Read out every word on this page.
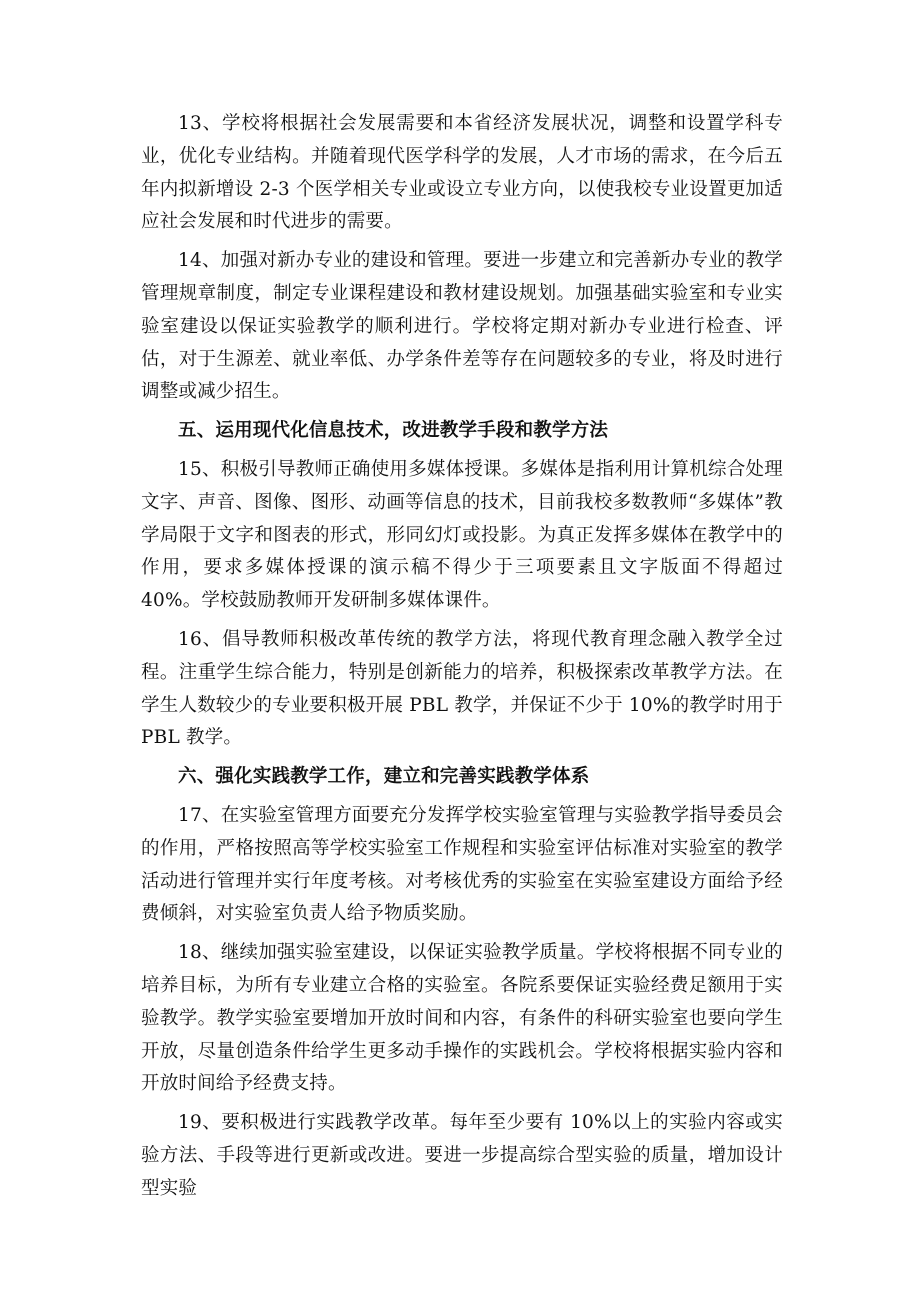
13、学校将根据社会发展需要和本省经济发展状况，调整和设置学科专业，优化专业结构。并随着现代医学科学的发展，人才市场的需求，在今后五年内拟新增设 2-3 个医学相关专业或设立专业方向，以使我校专业设置更加适应社会发展和时代进步的需要。

14、加强对新办专业的建设和管理。要进一步建立和完善新办专业的教学管理规章制度，制定专业课程建设和教材建设规划。加强基础实验室和专业实验室建设以保证实验教学的顺利进行。学校将定期对新办专业进行检查、评估，对于生源差、就业率低、办学条件差等存在问题较多的专业，将及时进行调整或减少招生。

五、运用现代化信息技术，改进教学手段和教学方法

15、积极引导教师正确使用多媒体授课。多媒体是指利用计算机综合处理文字、声音、图像、图形、动画等信息的技术，目前我校多数教师“多媒体”教学局限于文字和图表的形式，形同幻灯或投影。为真正发挥多媒体在教学中的作用，要求多媒体授课的演示稿不得少于三项要素且文字版面不得超过 40%。学校鼓励教师开发研制多媒体课件。

16、倡导教师积极改革传统的教学方法，将现代教育理念融入教学全过程。注重学生综合能力，特别是创新能力的培养，积极探索改革教学方法。在学生人数较少的专业要积极开展 PBL 教学，并保证不少于 10%的教学时用于 PBL 教学。

六、强化实践教学工作，建立和完善实践教学体系

17、在实验室管理方面要充分发挥学校实验室管理与实验教学指导委员会的作用，严格按照高等学校实验室工作规程和实验室评估标准对实验室的教学活动进行管理并实行年度考核。对考核优秀的实验室在实验室建设方面给予经费倾斜，对实验室负责人给予物质奖励。

18、继续加强实验室建设，以保证实验教学质量。学校将根据不同专业的培养目标，为所有专业建立合格的实验室。各院系要保证实验经费足额用于实验教学。教学实验室要增加开放时间和内容，有条件的科研实验室也要向学生开放，尽量创造条件给学生更多动手操作的实践机会。学校将根据实验内容和开放时间给予经费支持。

19、要积极进行实践教学改革。每年至少要有 10%以上的实验内容或实验方法、手段等进行更新或改进。要进一步提高综合型实验的质量，增加设计型实验
